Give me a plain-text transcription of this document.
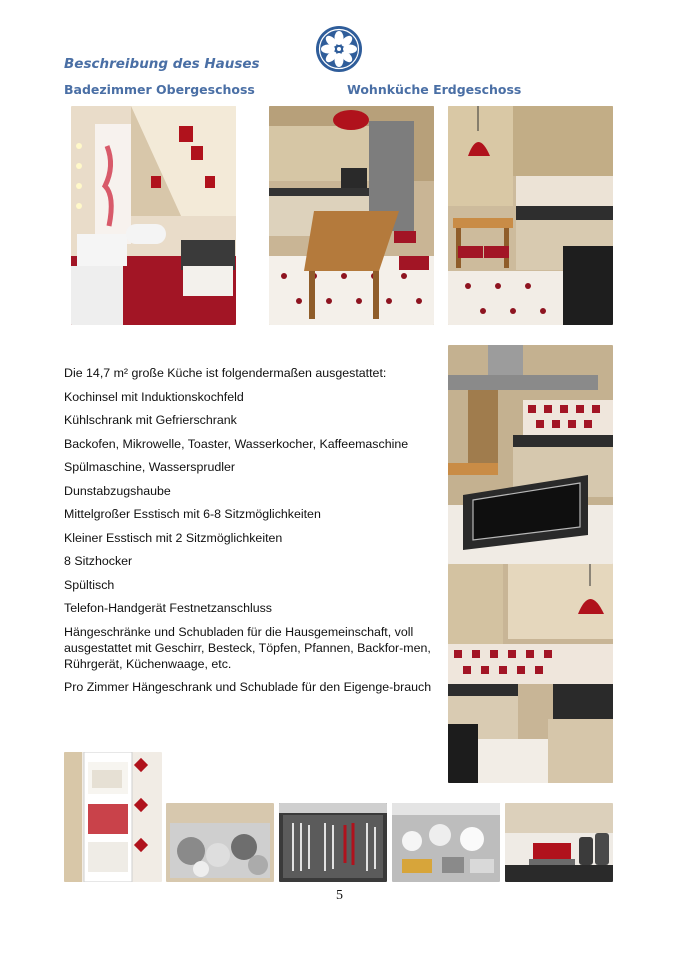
Beschreibung des Hauses
Badezimmer Obergeschoss	Wohnküche Erdgeschoss

Die 14,7 m² große Küche ist folgendermaßen ausgestattet:

Kochinsel mit Induktionskochfeld

Kühlschrank mit Gefrierschrank

Backofen, Mikrowelle, Toaster, Wasserkocher, Kaffeemaschine

Spülmaschine, Wassersprudler

Dunstabzugshaube

Mittelgroßer Esstisch mit 6-8 Sitzmöglichkeiten

Kleiner Esstisch mit 2 Sitzmöglichkeiten

8 Sitzhocker

Spültisch

Telefon-Handgerät Festnetzanschluss

Hängeschränke und Schubladen für die Hausgemeinschaft, voll ausgestattet mit Geschirr, Besteck, Töpfen, Pfannen, Backfor-men, Rührgerät, Küchenwaage, etc.

Pro Zimmer Hängeschrank und Schublade für den Eigenge-brauch

5
